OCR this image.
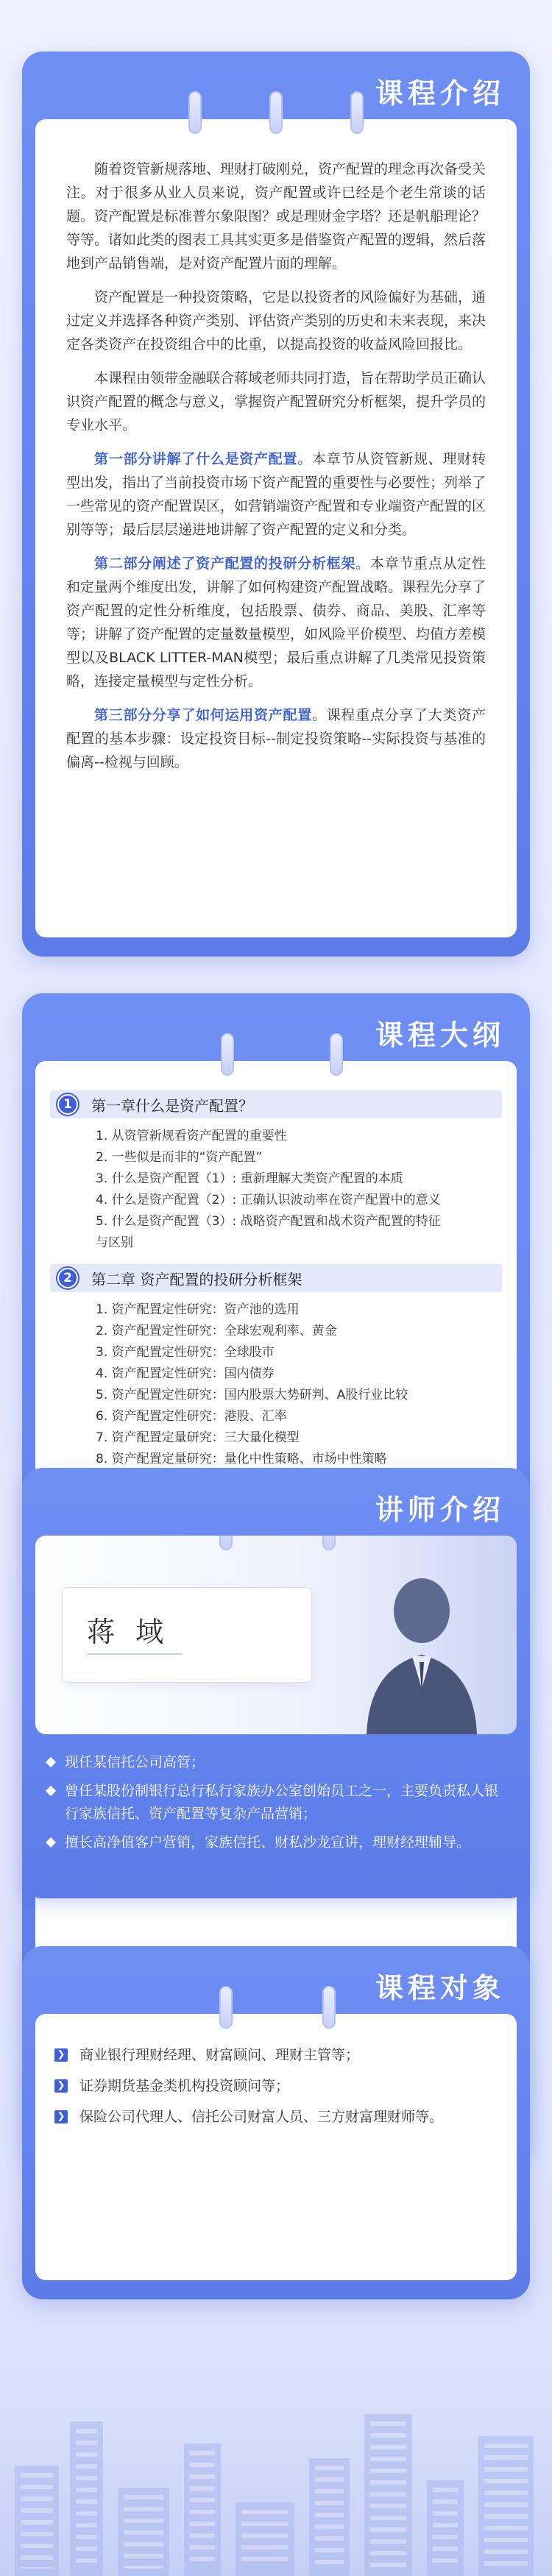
课程介绍

随着资管新规落地、理财打破刚兑，资产配置的理念再次备受关注。对于很多从业人员来说，资产配置或许已经是个老生常谈的话题。资产配置是标准普尔象限图？或是理财金字塔？还是帆船理论？等等。诸如此类的图表工具其实更多是借鉴资产配置的逻辑，然后落地到产品销售端，是对资产配置片面的理解。

资产配置是一种投资策略，它是以投资者的风险偏好为基础，通过定义并选择各种资产类别、评估资产类别的历史和未来表现，来决定各类资产在投资组合中的比重，以提高投资的收益风险回报比。

本课程由领带金融联合蒋域老师共同打造，旨在帮助学员正确认识资产配置的概念与意义，掌握资产配置研究分析框架，提升学员的专业水平。

第一部分讲解了什么是资产配置。本章节从资管新规、理财转型出发，指出了当前投资市场下资产配置的重要性与必要性；列举了一些常见的资产配置误区，如营销端资产配置和专业端资产配置的区别等等；最后层层递进地讲解了资产配置的定义和分类。

第二部分阐述了资产配置的投研分析框架。本章节重点从定性和定量两个维度出发，讲解了如何构建资产配置战略。课程先分享了资产配置的定性分析维度，包括股票、债券、商品、美股、汇率等等；讲解了资产配置的定量数量模型，如风险平价模型、均值方差模型以及BLACK LITTER-MAN模型；最后重点讲解了几类常见投资策略，连接定量模型与定性分析。

第三部分分享了如何运用资产配置。课程重点分享了大类资产配置的基本步骤：设定投资目标--制定投资策略--实际投资与基准的偏离--检视与回顾。

课程大纲
1	第一章什么是资产配置？
1. 从资管新规看资产配置的重要性
2. 一些似是而非的“资产配置”
3. 什么是资产配置（1）: 重新理解大类资产配置的本质
4. 什么是资产配置（2）: 正确认识波动率在资产配置中的意义
5. 什么是资产配置（3）: 战略资产配置和战术资产配置的特征
与区别
2	第二章 资产配置的投研分析框架
1. 资产配置定性研究：资产池的选用
2. 资产配置定性研究：全球宏观利率、黄金
3. 资产配置定性研究：全球股市
4. 资产配置定性研究：国内债券
5. 资产配置定性研究：国内股票大势研判、A股行业比较
6. 资产配置定性研究：港股、汇率
7. 资产配置定量研究：三大量化模型
8. 资产配置定量研究：量化中性策略、市场中性策略
讲师介绍
蒋 域
现任某信托公司高管；
曾任某股份制银行总行私行家族办公室创始员工之一，主要负责私人银行家族信托、资产配置等复杂产品营销；
擅长高净值客户营销，家族信托、财私沙龙宣讲，理财经理辅导。
课程对象
❯ 商业银行理财经理、财富顾问、理财主管等；
❯ 证券期货基金类机构投资顾问等；
❯ 保险公司代理人、信托公司财富人员、三方财富理财师等。
